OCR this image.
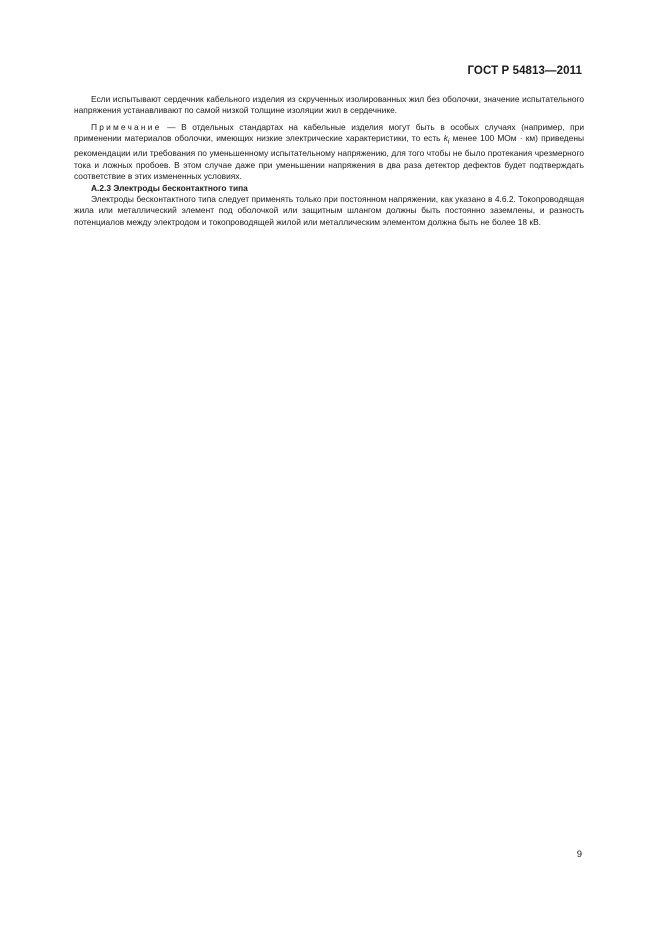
ГОСТ Р 54813—2011

Если испытывают сердечник кабельного изделия из скрученных изолированных жил без оболочки, значение испытательного напряжения устанавливают по самой низкой толщине изоляции жил в сердечнике.

Примечание — В отдельных стандартах на кабельные изделия могут быть в особых случаях (например, при применении материалов оболочки, имеющих низкие электрические характеристики, то есть $k_i$ менее 100 МОм · км) приведены рекомендации или требования по уменьшенному испытательному напряжению, для того чтобы не было протекания чрезмерного тока и ложных пробоев. В этом случае даже при уменьшении напряжения в два раза детектор дефектов будет подтверждать соответствие в этих измененных условиях.

А.2.3 Электроды бесконтактного типа

Электроды бесконтактного типа следует применять только при постоянном напряжении, как указано в 4.6.2. Токопроводящая жила или металлический элемент под оболочкой или защитным шлангом должны быть постоянно заземлены, и разность потенциалов между электродом и токопроводящей жилой или металлическим элементом должна быть не более 18 кВ.

9
